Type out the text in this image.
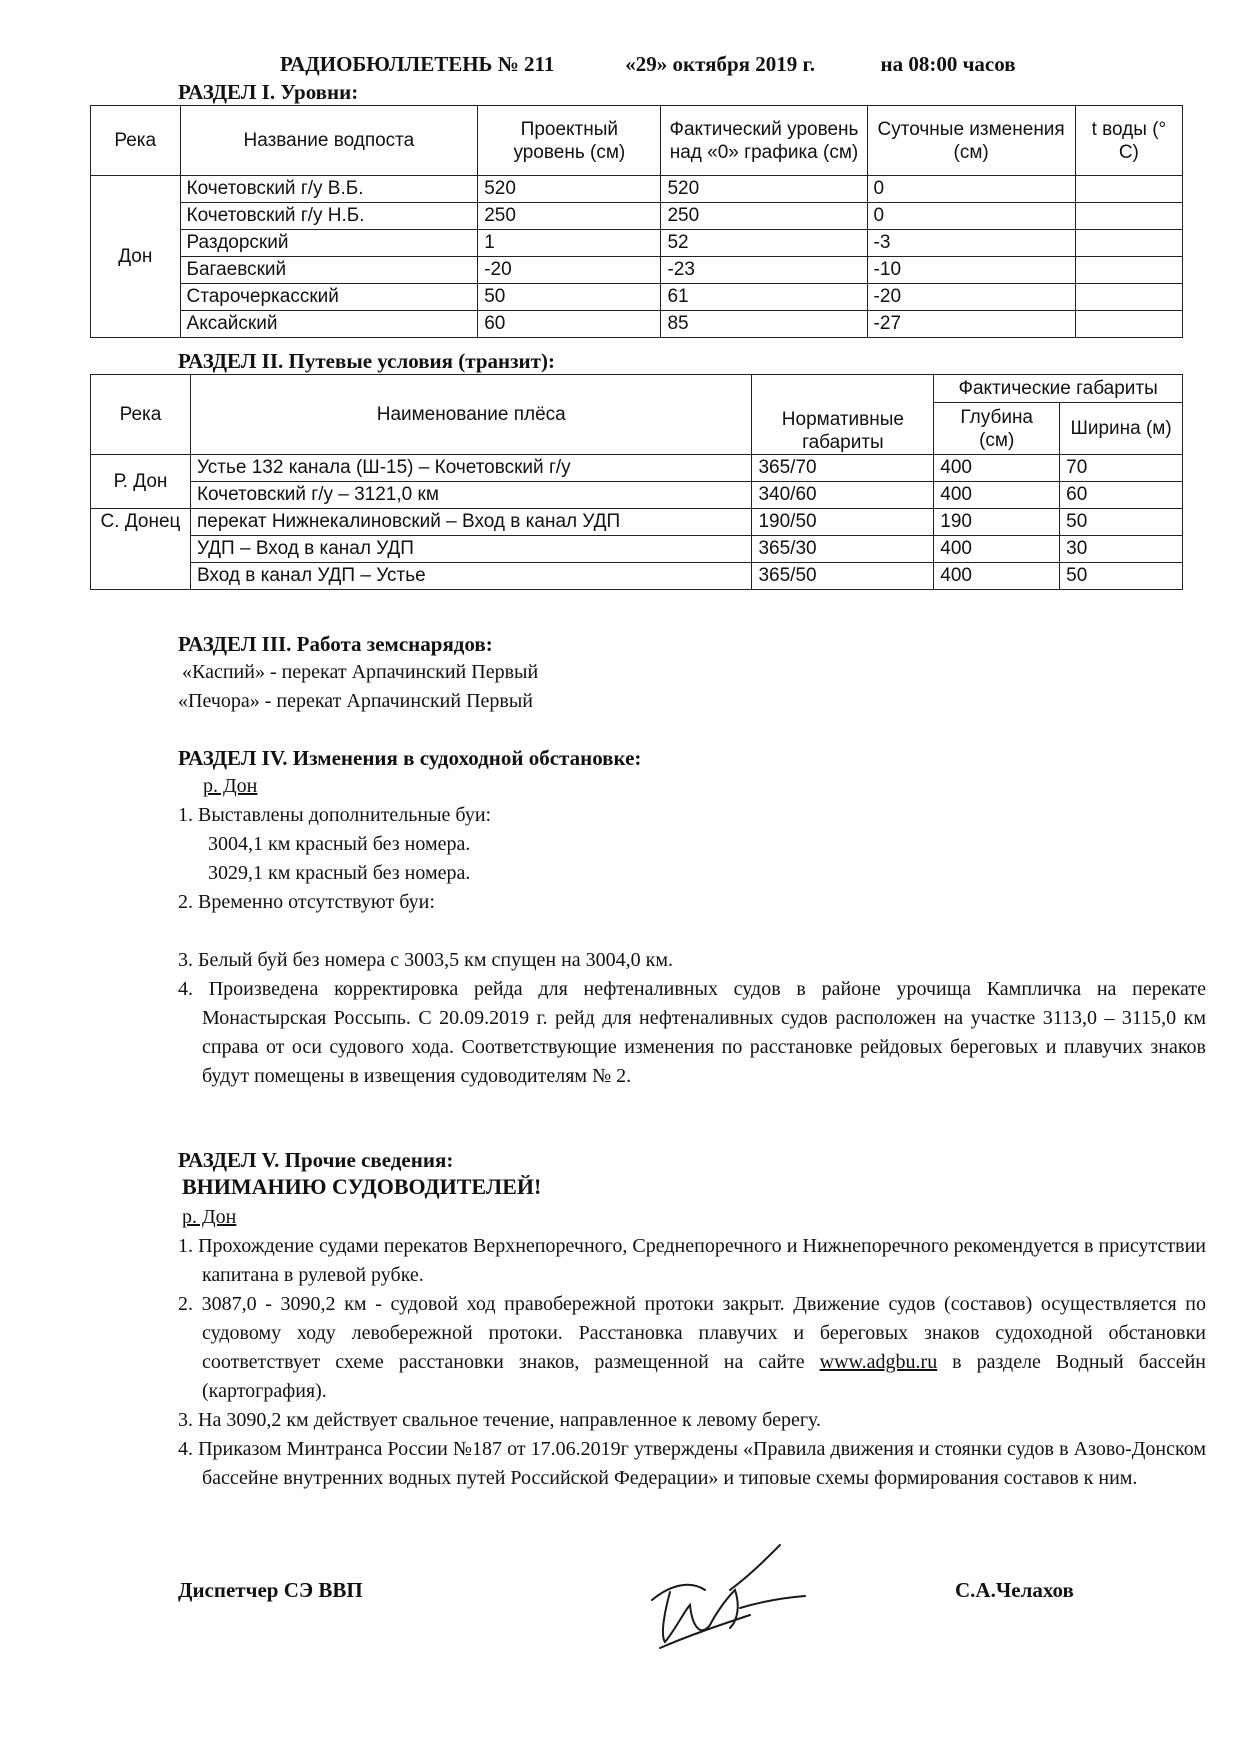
РАДИОБЮЛЛЕТЕНЬ № 211	«29» октября 2019 г.	на 08:00 часов
РАЗДЕЛ I. Уровни:
Река	Название водпоста	Проектный уровень (см)	Фактический уровень над «0» графика (см)	Суточные изменения (см)	t воды (° С)
Дон	Кочетовский г/у В.Б.	520	520	0	
	Кочетовский г/у Н.Б.	250	250	0	
	Раздорский	1	52	-3	
	Багаевский	-20	-23	-10	
	Старочеркасский	50	61	-20	
	Аксайский	60	85	-27	
РАЗДЕЛ II. Путевые условия (транзит):
Река	Наименование плёса	Нормативные габариты	Фактические габариты	
			Глубина (см)	Ширина (м)
Р. Дон	Устье 132 канала (Ш-15) – Кочетовский г/у	365/70	400	70
	Кочетовский г/у – 3121,0 км	340/60	400	60
С. Донец	перекат Нижнекалиновский – Вход в канал УДП	190/50	190	50
	УДП – Вход в канал УДП	365/30	400	30
	Вход в канал УДП – Устье	365/50	400	50
РАЗДЕЛ III. Работа земснарядов:
«Каспий» - перекат Арпачинский Первый
«Печора» - перекат Арпачинский Первый
РАЗДЕЛ IV. Изменения в судоходной обстановке:
р. Дон
1. Выставлены дополнительные буи:
3004,1 км красный без номера.
3029,1 км красный без номера.
2. Временно отсутствуют буи:
3. Белый буй без номера с 3003,5 км спущен на 3004,0 км.
4. Произведена корректировка рейда для нефтеналивных судов в районе урочища Кампличка на перекате Монастырская Россыпь. С 20.09.2019 г. рейд для нефтеналивных судов расположен на участке 3113,0 – 3115,0 км справа от оси судового хода. Соответствующие изменения по расстановке рейдовых береговых и плавучих знаков будут помещены в извещения судоводителям № 2.
РАЗДЕЛ V. Прочие сведения:
ВНИМАНИЮ СУДОВОДИТЕЛЕЙ!
р. Дон
1. Прохождение судами перекатов Верхнепоречного, Среднепоречного и Нижнепоречного рекомендуется в присутствии капитана в рулевой рубке.
2. 3087,0 - 3090,2 км - судовой ход правобережной протоки закрыт. Движение судов (составов) осуществляется по судовому ходу левобережной протоки. Расстановка плавучих и береговых знаков судоходной обстановки соответствует схеме расстановки знаков, размещенной на сайте www.adgbu.ru в разделе Водный бассейн (картография).
3. На 3090,2 км действует свальное течение, направленное к левому берегу.
4. Приказом Минтранса России №187 от 17.06.2019г утверждены «Правила движения и стоянки судов в Азово-Донском бассейне внутренних водных путей Российской Федерации» и типовые схемы формирования составов к ним.
Диспетчер СЭ ВВП	С.А.Челахов
